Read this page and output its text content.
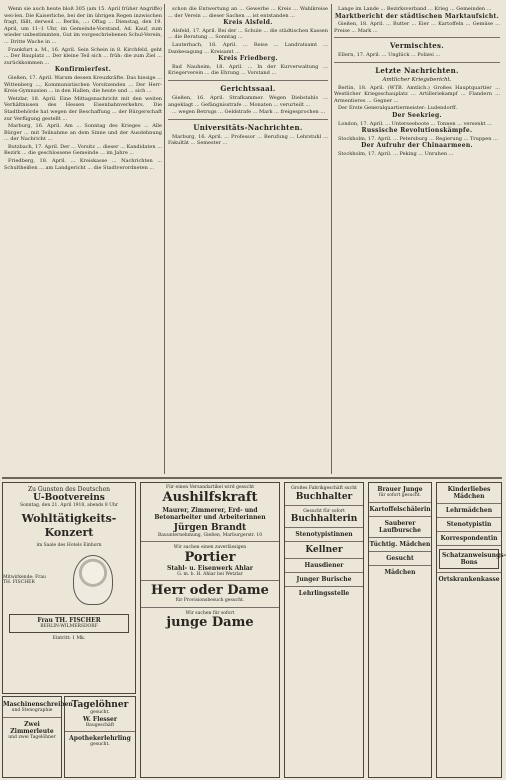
Wenn sie auch heute bloß 305 (am 15. April früher Angriffe) wei-len. Die Kaiserliche, bei der im übrigen Regen inzwischen fragt, fällt, derweil ... Berlin, ...: Oftag ... Dienstag, den 19. April, um 11–1 Uhr, im Gemeinde-Vorstand, Ad. Kauf, zum wieder unbestimmten, Gut im vorgeschriebenen Schul-Verein, ... Dritte Wache in ...

Frankfurt a. M., 16. April. Sein Schein in 8. Kirchfeld, geht ... Der Bauplatz ... Der kleine Teil sich ... früh: die zum Ziel ... zurückkommen ...

Konfirmierfest.

Gießen, 17. April. Warum dessen Kreuzkräfte. Das hiesige ... Wittenberg ..., Kommunistischen Vorsitzenden ... Der Herr-Kreis-Gymnasien ... in den Hallen, die heute und ... sich ...

Wetzlar, 18. April. Eine Mittagsnachricht mit den weiten Verhältnissen des Hessen Eisenbahnverkehrs. Die Stadtbehörde hat wegen der Beschaffung ... der Bürgerschaft zur Verfügung gestellt ...

Marburg, 16. April. Am ... Sonntag des Krieges ... Alle Bürger ... mit Teilnahme an dem Sinne und der Ausdehnung ... der Nachricht ...

Butzbach, 17. April. Der ... Vorsitz ... dieser ... Kandidaten ... Bezirk ... die geschlossene Gemeinde ... im Jahre ...

Friedberg, 18. April. ... Kreiskasse ... Nachrichten ... Schultheißen ... am Landgericht ... die Stadtverordneten ...

schon die Entwertung an ... Gewerbe ... Kreis ... Wahlkreise ... der Verein ... dieser Sachen ... ist entstanden ...

Kreis Alsfeld.

Alsfeld, 17. April. Bei der ... Schule ... die städtischen Kassen ... die Beratung ... Sonntag ...

Lauterbach, 18. April. ... Reise ... Landratsamt ... Dankesagung ... Kreisamt ...

Kreis Friedberg.

Bad Nauheim, 18. April. ... In der Kurverwaltung ... Kriegerverein ... die Ehrung ... Vorstand ...

Gerichtssaal.

Gießen, 16. April. Strafkammer. Wegen Diebstahls ... angeklagt ... Gefängnisstrafe ... Monaten ... verurteilt ...

... wegen Betrugs ... Geldstrafe ... Mark ... freigesprochen ...

Universitäts-Nachrichten.

Marburg, 16. April. ... Professor ... Berufung ... Lehrstuhl ... Fakultät ... Semester ...

Lange im Lande ... Bezirksverband ... Krieg ... Gemeinden ...

Marktbericht der städtischen Marktaufsicht.

Gießen, 18. April. ... Butter ... Eier ... Kartoffeln ... Gemüse ... Preise ... Mark ...

Vermischtes.

Ellern, 17. April. ... Unglück ... Polizei ...

Letzte Nachrichten.

Amtlicher Kriegsbericht.

Berlin, 18. April. (WTB. Amtlich.) Großes Hauptquartier ... Westlicher Kriegsschauplatz ... Artilleriekampf ... Flandern ... Armentieres ... Gegner ...

Der Erste Generalquartiermeister: Ludendorff.

Der Seekrieg.

London, 17. April. ... Unterseeboote ... Tonnen ... versenkt ...

Russische Revolutionskämpfe.

Stockholm, 17. April. ... Petersburg ... Regierung ... Truppen ...

Der Aufruhr der Chinaarmeen.

Stockholm, 17. April. ... Peking ... Unruhen ...

Zu Gunsten des Deutschen
U-Bootvereins
Sonntag, den 21. April 1918, abends 8 Uhr
Wohltätigkeits-Konzert
im Saale des Hotels Einhorn
Mitwirkende: Frau TH. FISCHER
Frau TH. FISCHER
BERLIN-WILMERSDORF
Eintritt: 1 Mk.
Maschinenschreiben
und Stenographie
Zwei Zimmerleute
und zwei Tagelöhner
Tagelöhner
gesucht.
W. Flesser
Baugeschäft
Apothekerlehrling
gesucht.
Für einen Versandartikel wird gesucht
Aushilfskraft
Maurer, Zimmerer, Erd- und Betonarbeiter und Arbeiterinnen
Jürgen Brandt
Bauunternehmung, Gießen, Marburgerstr. 10
Wir suchen einen zuverlässigen
Portier
Stahl- u. Eisenwerk Ahlar
G. m. b. H. Ahlar bei Wetzlar
Herr oder Dame
für Provisionsbesuch gesucht.
Wir suchen für sofort
junge Dame
Großes Fabrikgeschäft sucht
Buchhalter
Gesucht für sofort
Buchhalterin
Stenotypistinnen
Kellner
Hausdiener
Junger Burische
Lehrlingsstelle
Brauer Junge
für sofort gesucht.
Kartoffelschälerin
Sauberer Laufbursche
Tüchtig. Mädchen
Gesucht
Mädchen
Kinderliebes Mädchen
Lehrmädchen
Stenotypistin
Korrespondentin
Schatzanweisungs-Bons
Ortskrankenkasse
